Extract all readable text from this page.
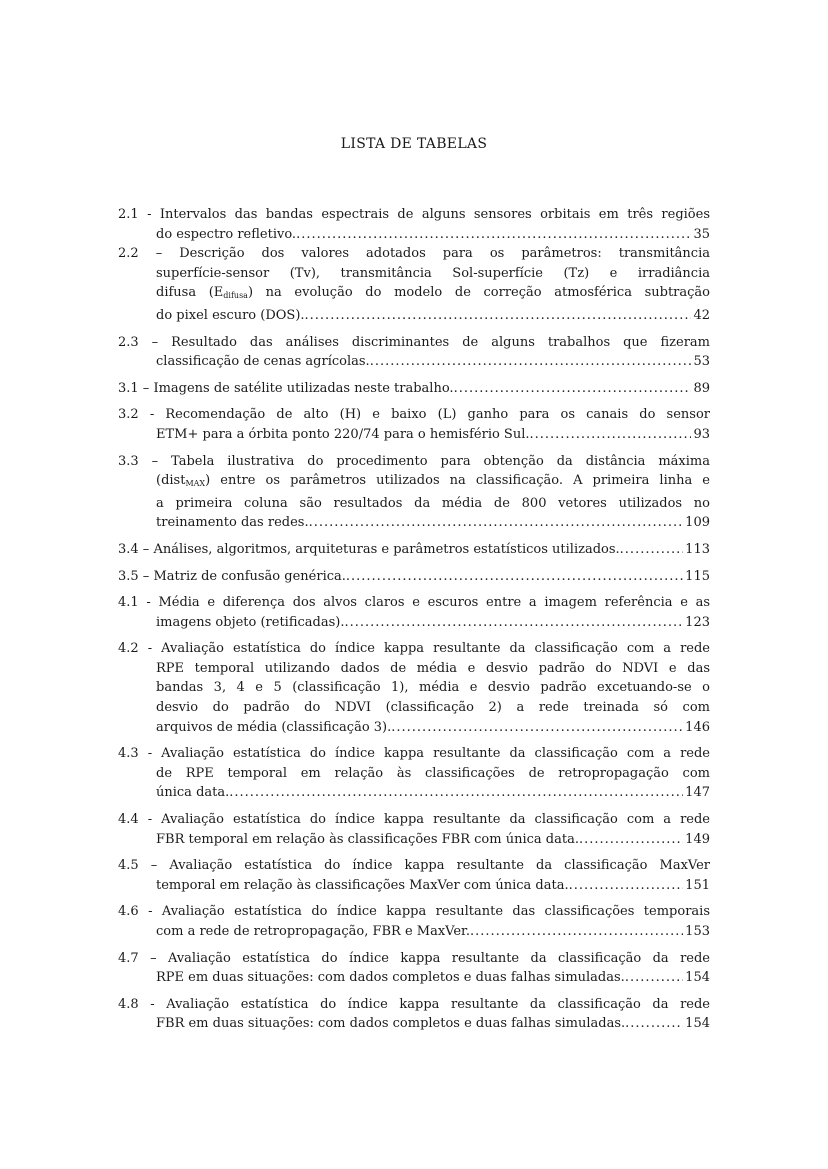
LISTA DE TABELAS
2.1 - Intervalos das bandas espectrais de alguns sensores orbitais em três regiões
do espectro refletivo. .....	35
2.2 – Descrição dos valores adotados para os parâmetros: transmitância
superfície-sensor (Tv), transmitância Sol-superfície (Tz) e irradiância
difusa $(E_{difusa})$ na evolução do modelo de correção atmosférica subtração
do pixel escuro (DOS). .....	42
2.3 – Resultado das análises discriminantes de alguns trabalhos que fizeram
classificação de cenas agrícolas. .....	53
3.1 – Imagens de satélite utilizadas neste trabalho. .....	89
3.2 - Recomendação de alto (H) e baixo (L) ganho para os canais do sensor
ETM+ para a órbita ponto 220/74 para o hemisfério Sul. .....	93
3.3 – Tabela ilustrativa do procedimento para obtenção da distância máxima
(dist$_{MAX}$) entre os parâmetros utilizados na classificação. A primeira linha e
a primeira coluna são resultados da média de 800 vetores utilizados no
treinamento das redes. .....	109
3.4 – Análises, algoritmos, arquiteturas e parâmetros estatísticos utilizados. .....	113
3.5 – Matriz de confusão genérica. .....	115
4.1 - Média e diferença dos alvos claros e escuros entre a imagem referência e as
imagens objeto (retificadas). .....	123
4.2 - Avaliação estatística do índice kappa resultante da classificação com a rede
RPE temporal utilizando dados de média e desvio padrão do NDVI e das
bandas 3, 4 e 5 (classificação 1), média e desvio padrão excetuando-se o
desvio do padrão do NDVI (classificação 2) a rede treinada só com
arquivos de média (classificação 3). .....	146
4.3 - Avaliação estatística do índice kappa resultante da classificação com a rede
de RPE temporal em relação às classificações de retropropagação com
única data. .....	147
4.4 - Avaliação estatística do índice kappa resultante da classificação com a rede
FBR temporal em relação às classificações FBR com única data. .....	149
4.5 – Avaliação estatística do índice kappa resultante da classificação MaxVer
temporal em relação às classificações MaxVer com única data. .....	151
4.6 - Avaliação estatística do índice kappa resultante das classificações temporais
com a rede de retropropagação, FBR e MaxVer. .....	153
4.7 – Avaliação estatística do índice kappa resultante da classificação da rede
RPE em duas situações: com dados completos e duas falhas simuladas. .....	154
4.8 - Avaliação estatística do índice kappa resultante da classificação da rede
FBR em duas situações: com dados completos e duas falhas simuladas. .....	154
